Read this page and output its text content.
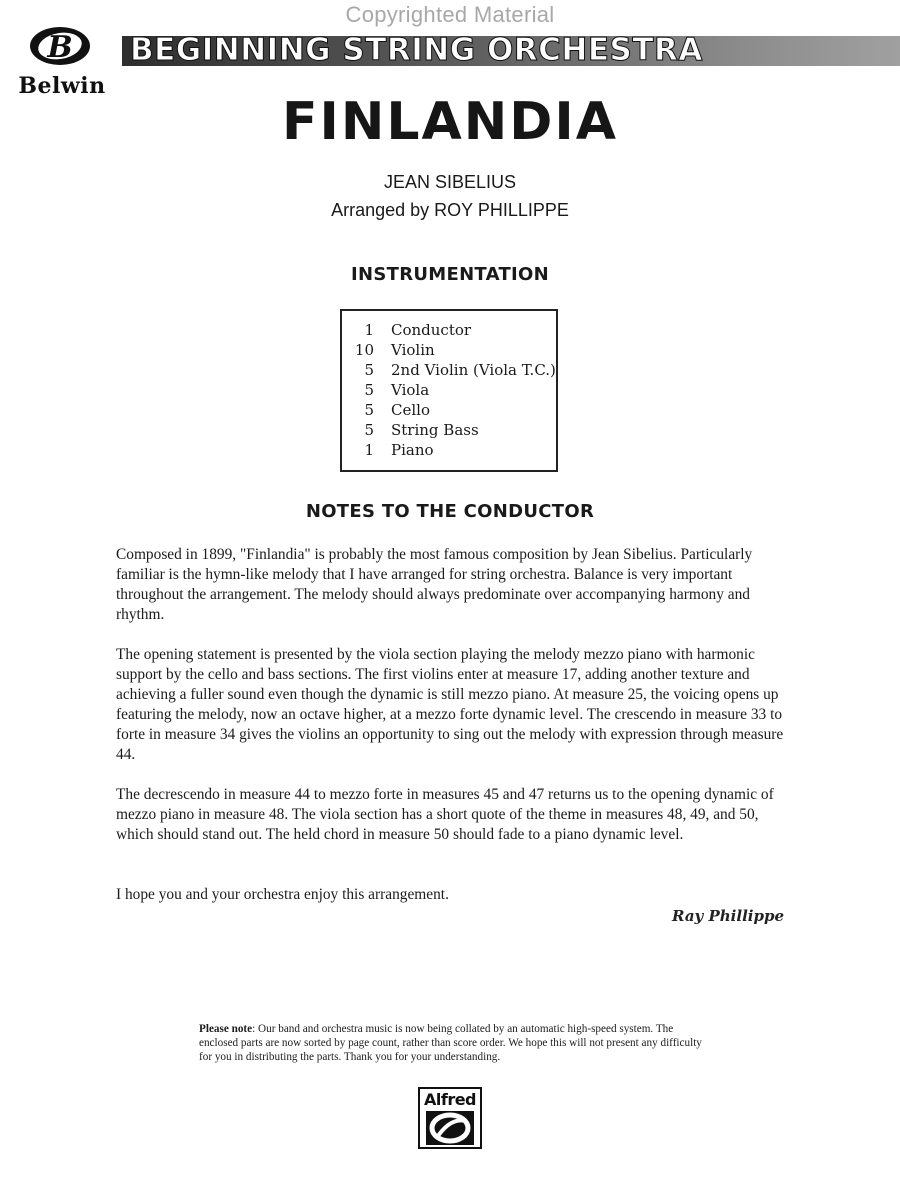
Copyrighted Material
B
Belwin
BEGINNING STRING ORCHESTRA
FINLANDIA
JEAN SIBELIUS
Arranged by ROY PHILLIPPE
INSTRUMENTATION
1 Conductor
10 Violin
5 2nd Violin (Viola T.C.)
5 Viola
5 Cello
5 String Bass
1 Piano
NOTES TO THE CONDUCTOR
Composed in 1899, "Finlandia" is probably the most famous composition by Jean Sibelius. Particularly familiar is the hymn-like melody that I have arranged for string orchestra. Balance is very important throughout the arrangement. The melody should always predominate over accompanying harmony and rhythm.
The opening statement is presented by the viola section playing the melody mezzo piano with harmonic support by the cello and bass sections. The first violins enter at measure 17, adding another texture and achieving a fuller sound even though the dynamic is still mezzo piano. At measure 25, the voicing opens up featuring the melody, now an octave higher, at a mezzo forte dynamic level. The crescendo in measure 33 to forte in measure 34 gives the violins an opportunity to sing out the melody with expression through measure 44.
The decrescendo in measure 44 to mezzo forte in measures 45 and 47 returns us to the opening dynamic of mezzo piano in measure 48. The viola section has a short quote of the theme in measures 48, 49, and 50, which should stand out. The held chord in measure 50 should fade to a piano dynamic level.
I hope you and your orchestra enjoy this arrangement.
Ray Phillippe
Please note: Our band and orchestra music is now being collated by an automatic high-speed system. The enclosed parts are now sorted by page count, rather than score order. We hope this will not present any difficulty for you in distributing the parts. Thank you for your understanding.
Alfred
